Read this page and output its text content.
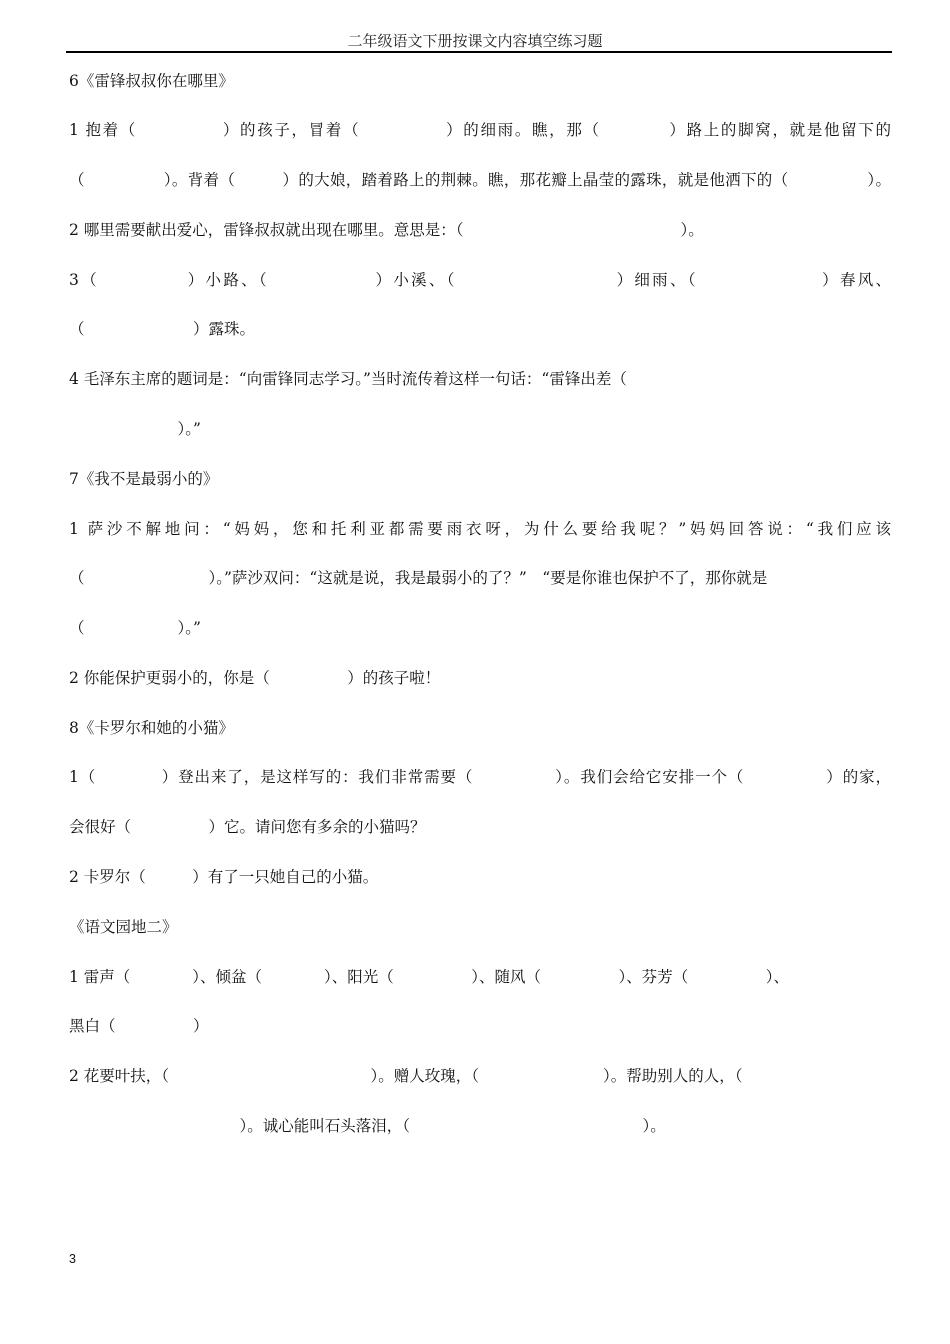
二年级语文下册按课文内容填空练习题
6《雷锋叔叔你在哪里》
1 抱着（　　　　　）的孩子，冒着（　　　　　）的细雨。瞧，那（　　　　）路上的脚窝，就是他留下的
（　　　　　）。背着（　　　）的大娘，踏着路上的荆棘。瞧，那花瓣上晶莹的露珠，就是他洒下的（　　　　　）。
2 哪里需要献出爱心，雷锋叔叔就出现在哪里。意思是：（　　　　　　　　　　　　　　）。
3（　　　　　）小路、（　　　　　　）小溪、（　　　　　　　　　）细雨、（　　　　　　　）春风、
（　　　　　　　）露珠。
4 毛泽东主席的题词是：“向雷锋同志学习。”当时流传着这样一句话：“雷锋出差（
　　　　　　　）。”
7《我不是最弱小的》
1 萨沙不解地问：“妈妈，您和托利亚都需要雨衣呀，为什么要给我呢？”妈妈回答说：“我们应该
（　　　　　　　　）。”萨沙双问：“这就是说，我是最弱小的了？”　“要是你谁也保护不了，那你就是
（　　　　　　）。”
2 你能保护更弱小的，你是（　　　　　）的孩子啦！
8《卡罗尔和她的小猫》
1（　　　　）登出来了，是这样写的：我们非常需要（　　　　　）。我们会给它安排一个（　　　　　）的家，
会很好（　　　　　）它。请问您有多余的小猫吗？
2 卡罗尔（　　　）有了一只她自己的小猫。
《语文园地二》
1 雷声（　　　　）、倾盆（　　　　）、阳光（　　　　　）、随风（　　　　　）、芬芳（　　　　　）、
黑白（　　　　　）
2 花要叶扶，（　　　　　　　　　　　　　）。赠人玫瑰，（　　　　　　　　）。帮助别人的人，（
　　　　　　　　　　　）。诚心能叫石头落泪，（　　　　　　　　　　　　　　　）。
3
